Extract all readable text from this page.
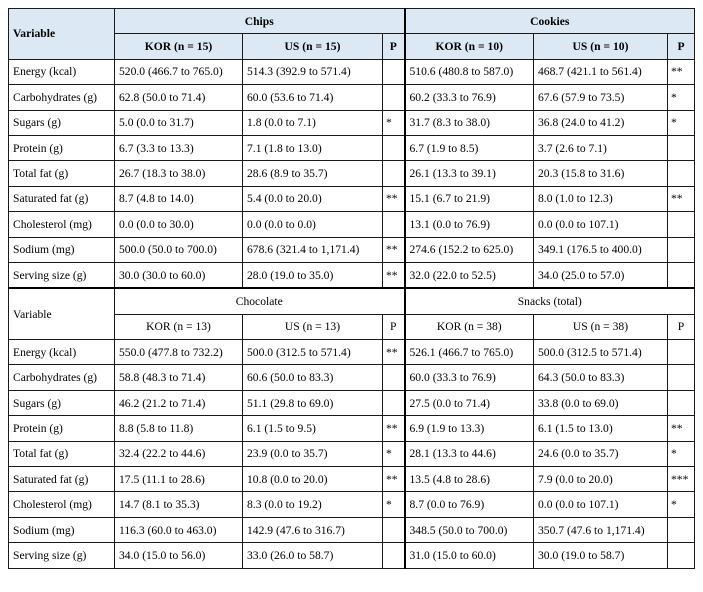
Variable	Chips			Cookies		
	KOR (n = 15)	US (n = 15)	P	KOR (n = 10)	US (n = 10)	P
Energy (kcal)	520.0 (466.7 to 765.0)	514.3 (392.9 to 571.4)		510.6 (480.8 to 587.0)	468.7 (421.1 to 561.4)	**
Carbohydrates (g)	62.8 (50.0 to 71.4)	60.0 (53.6 to 71.4)		60.2 (33.3 to 76.9)	67.6 (57.9 to 73.5)	*
Sugars (g)	5.0 (0.0 to 31.7)	1.8 (0.0 to 7.1)	*	31.7 (8.3 to 38.0)	36.8 (24.0 to 41.2)	*
Protein (g)	6.7 (3.3 to 13.3)	7.1 (1.8 to 13.0)		6.7 (1.9 to 8.5)	3.7 (2.6 to 7.1)	
Total fat (g)	26.7 (18.3 to 38.0)	28.6 (8.9 to 35.7)		26.1 (13.3 to 39.1)	20.3 (15.8 to 31.6)	
Saturated fat (g)	8.7 (4.8 to 14.0)	5.4 (0.0 to 20.0)	**	15.1 (6.7 to 21.9)	8.0 (1.0 to 12.3)	**
Cholesterol (mg)	0.0 (0.0 to 30.0)	0.0 (0.0 to 0.0)		13.1 (0.0 to 76.9)	0.0 (0.0 to 107.1)	
Sodium (mg)	500.0 (50.0 to 700.0)	678.6 (321.4 to 1,171.4)	**	274.6 (152.2 to 625.0)	349.1 (176.5 to 400.0)	
Serving size (g)	30.0 (30.0 to 60.0)	28.0 (19.0 to 35.0)	**	32.0 (22.0 to 52.5)	34.0 (25.0 to 57.0)	
Variable	Chocolate			Snacks (total)		
	KOR (n = 13)	US (n = 13)	P	KOR (n = 38)	US (n = 38)	P
Energy (kcal)	550.0 (477.8 to 732.2)	500.0 (312.5 to 571.4)	**	526.1 (466.7 to 765.0)	500.0 (312.5 to 571.4)	
Carbohydrates (g)	58.8 (48.3 to 71.4)	60.6 (50.0 to 83.3)		60.0 (33.3 to 76.9)	64.3 (50.0 to 83.3)	
Sugars (g)	46.2 (21.2 to 71.4)	51.1 (29.8 to 69.0)		27.5 (0.0 to 71.4)	33.8 (0.0 to 69.0)	
Protein (g)	8.8 (5.8 to 11.8)	6.1 (1.5 to 9.5)	**	6.9 (1.9 to 13.3)	6.1 (1.5 to 13.0)	**
Total fat (g)	32.4 (22.2 to 44.6)	23.9 (0.0 to 35.7)	*	28.1 (13.3 to 44.6)	24.6 (0.0 to 35.7)	*
Saturated fat (g)	17.5 (11.1 to 28.6)	10.8 (0.0 to 20.0)	**	13.5 (4.8 to 28.6)	7.9 (0.0 to 20.0)	***
Cholesterol (mg)	14.7 (8.1 to 35.3)	8.3 (0.0 to 19.2)	*	8.7 (0.0 to 76.9)	0.0 (0.0 to 107.1)	*
Sodium (mg)	116.3 (60.0 to 463.0)	142.9 (47.6 to 316.7)		348.5 (50.0 to 700.0)	350.7 (47.6 to 1,171.4)	
Serving size (g)	34.0 (15.0 to 56.0)	33.0 (26.0 to 58.7)		31.0 (15.0 to 60.0)	30.0 (19.0 to 58.7)	
